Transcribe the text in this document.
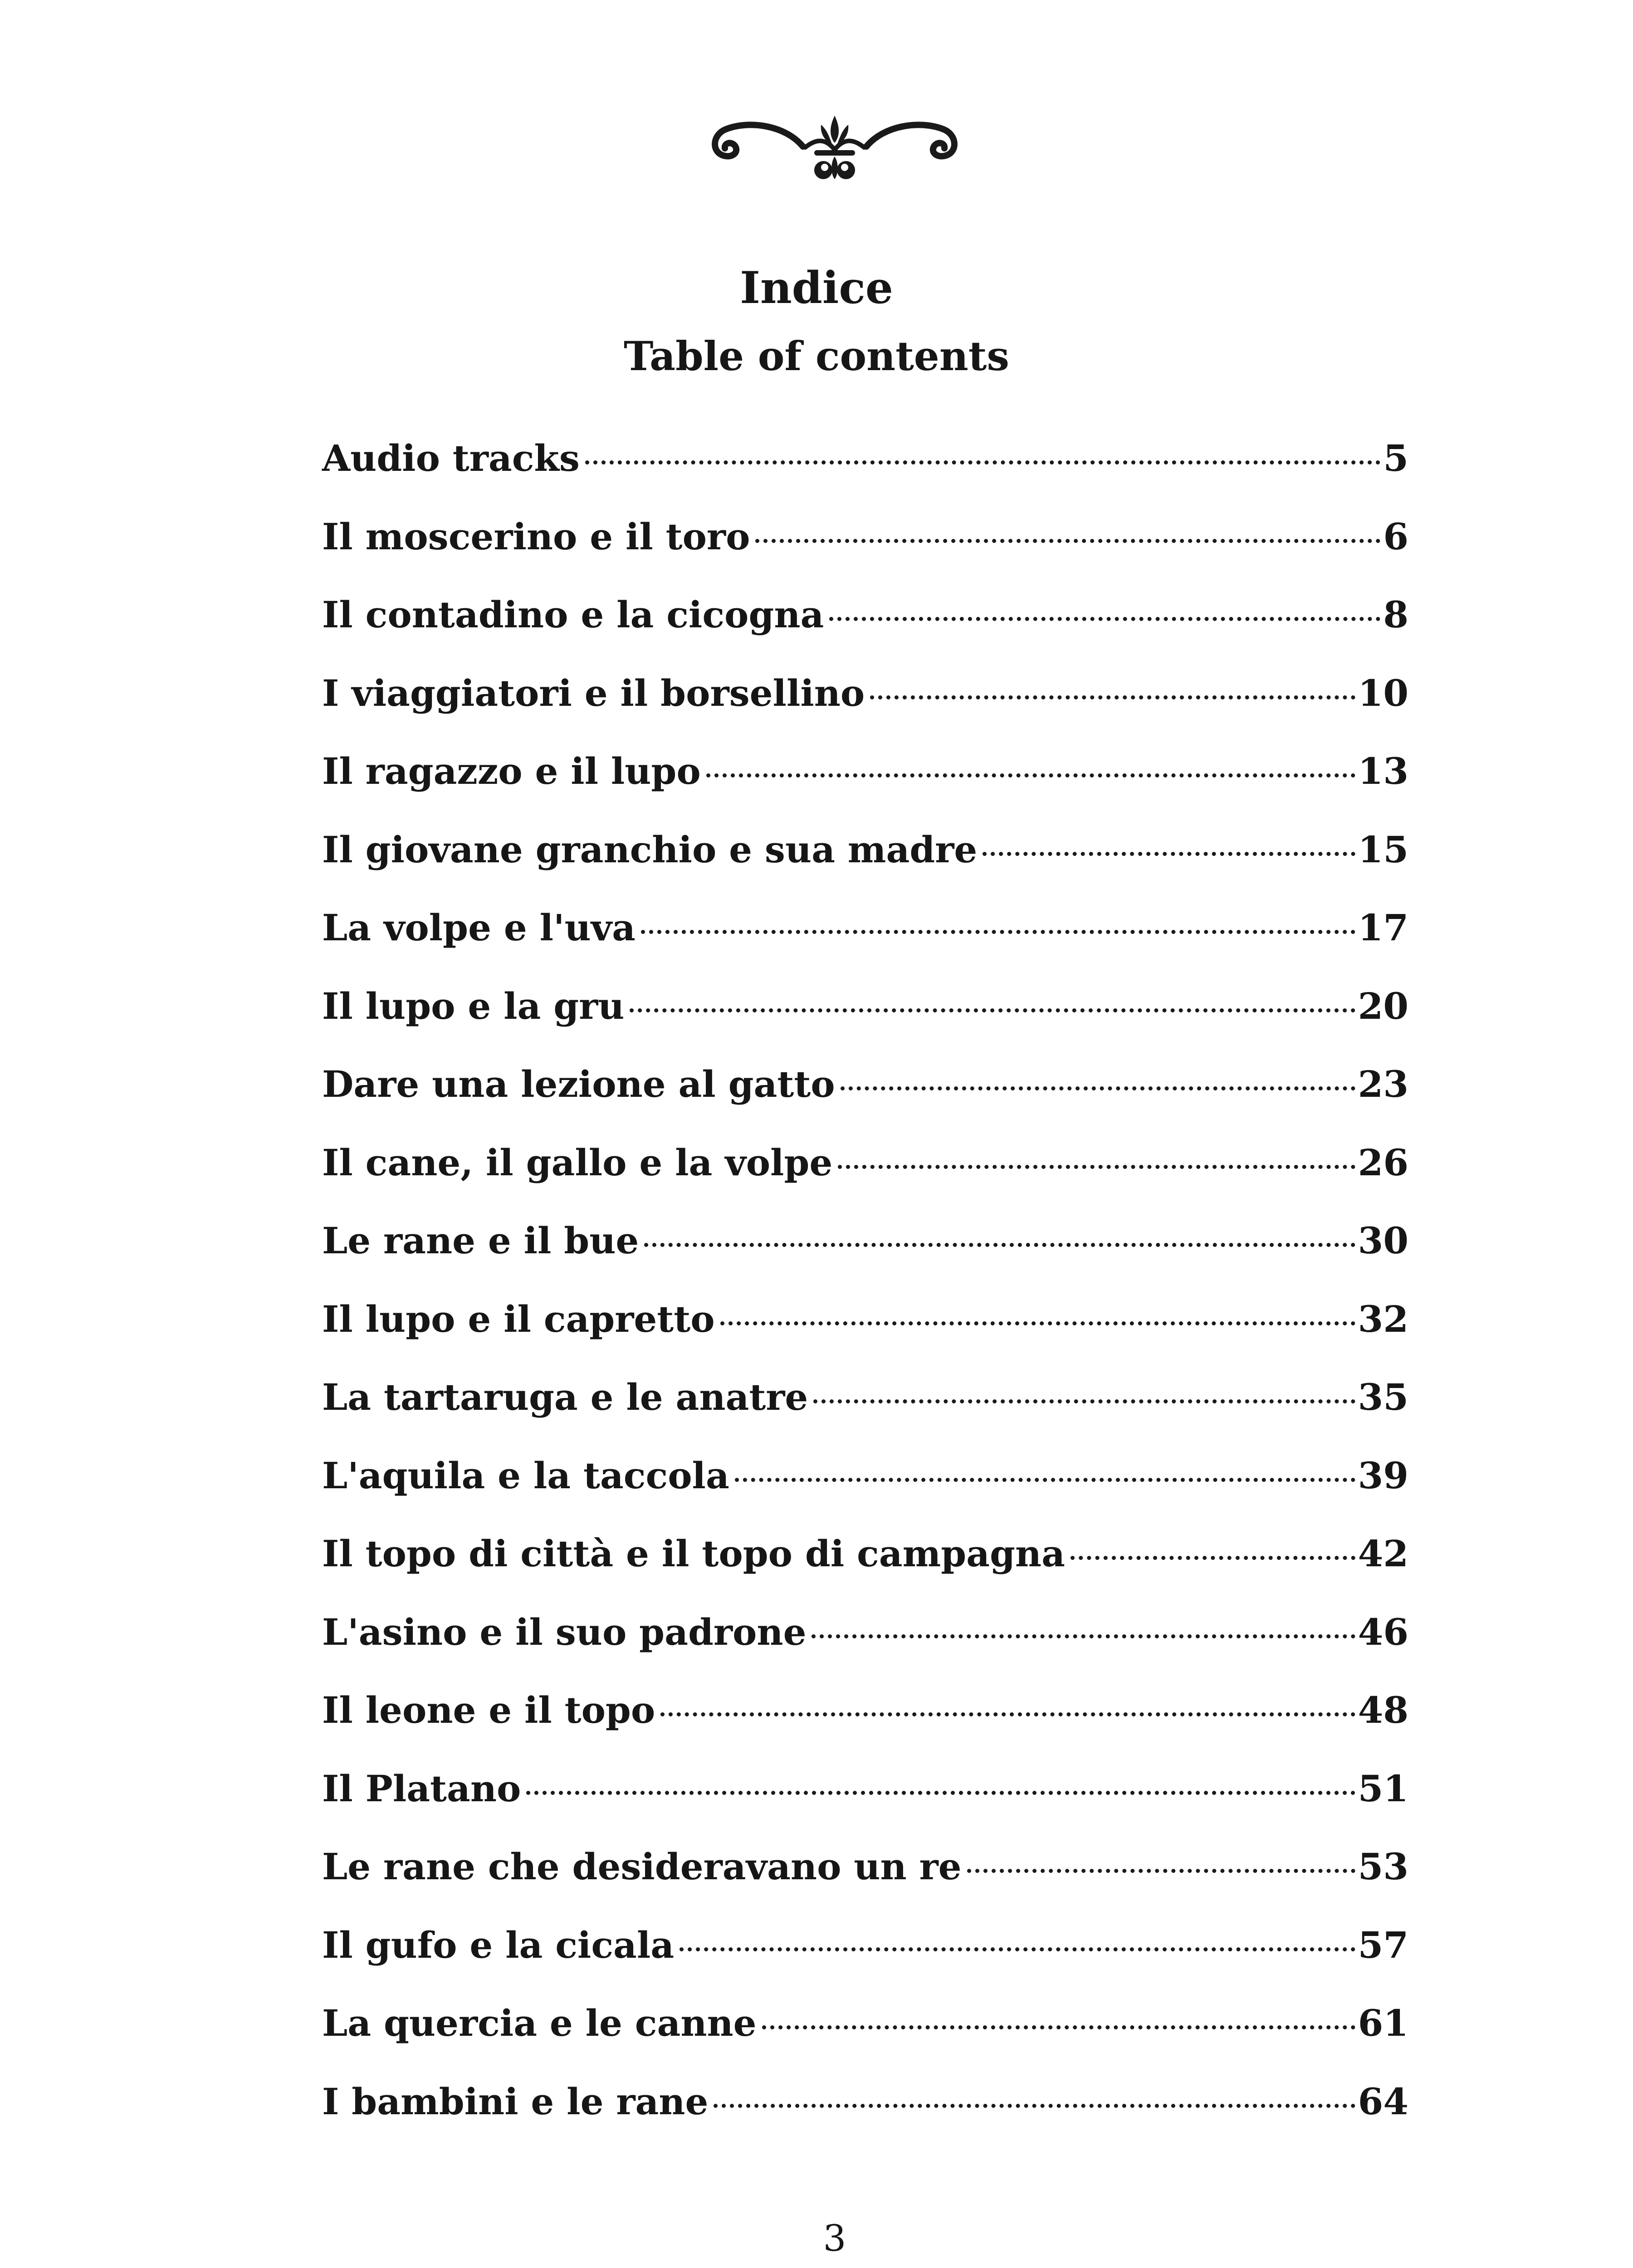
Indice
Table of contents
Audio tracks	5
Il moscerino e il toro	6
Il contadino e la cicogna	8
I viaggiatori e il borsellino	10
Il ragazzo e il lupo	13
Il giovane granchio e sua madre	15
La volpe e l'uva	17
Il lupo e la gru	20
Dare una lezione al gatto	23
Il cane, il gallo e la volpe	26
Le rane e il bue	30
Il lupo e il capretto	32
La tartaruga e le anatre	35
L'aquila e la taccola	39
Il topo di città e il topo di campagna	42
L'asino e il suo padrone	46
Il leone e il topo	48
Il Platano	51
Le rane che desideravano un re	53
Il gufo e la cicala	57
La quercia e le canne	61
I bambini e le rane	64
3
